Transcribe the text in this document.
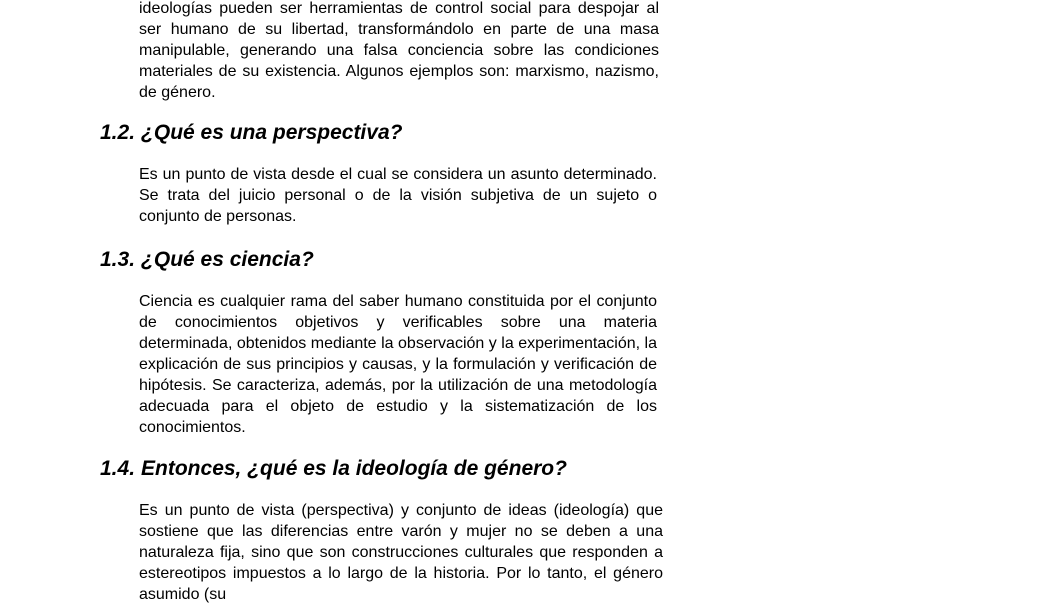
ideologías pueden ser herramientas de control social para despojar al ser humano de su libertad, transformándolo en parte de una masa manipulable, generando una falsa conciencia sobre las condiciones materiales de su existencia. Algunos ejemplos son: marxismo, nazismo, de género.

1.2. ¿Qué es una perspectiva?

Es un punto de vista desde el cual se considera un asunto determinado. Se trata del juicio personal o de la visión subjetiva de un sujeto o conjunto de personas.

1.3. ¿Qué es ciencia?

Ciencia es cualquier rama del saber humano constituida por el conjunto de conocimientos objetivos y verificables sobre una materia determinada, obtenidos mediante la observación y la experimentación, la explicación de sus principios y causas, y la formulación y verificación de hipótesis. Se caracteriza, además, por la utilización de una metodología adecuada para el objeto de estudio y la sistematización de los conocimientos.

1.4. Entonces, ¿qué es la ideología de género?

Es un punto de vista (perspectiva) y conjunto de ideas (ideología) que sostiene que las diferencias entre varón y mujer no se deben a una naturaleza fija, sino que son construcciones culturales que responden a estereotipos impuestos a lo largo de la historia. Por lo tanto, el género asumido (su
